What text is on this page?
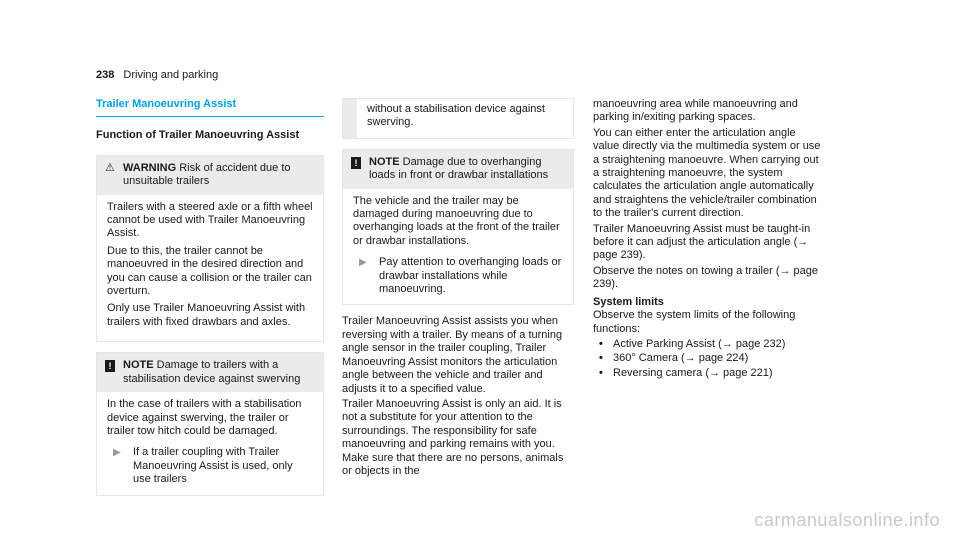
238 Driving and parking
Trailer Manoeuvring Assist
Function of Trailer Manoeuvring Assist
⚠ WARNING Risk of accident due to unsuitable trailers

Trailers with a steered axle or a fifth wheel cannot be used with Trailer Manoeuvring Assist.

Due to this, the trailer cannot be manoeuvred in the desired direction and you can cause a collision or the trailer can overturn.

Only use Trailer Manoeuvring Assist with trailers with fixed drawbars and axles.

!	NOTE Damage to trailers with a stabilisation device against swerving

In the case of trailers with a stabilisation device against swerving, the trailer or trailer tow hitch could be damaged.

▶	If a trailer coupling with Trailer Manoeuvring Assist is used, only use trailers
without a stabilisation device against swerving.
!	NOTE Damage due to overhanging loads in front or drawbar installations

The vehicle and the trailer may be damaged during manoeuvring due to overhanging loads at the front of the trailer or drawbar installations.

▶	Pay attention to overhanging loads or drawbar installations while manoeuvring.

Trailer Manoeuvring Assist assists you when reversing with a trailer. By means of a turning angle sensor in the trailer coupling, Trailer Manoeuvring Assist monitors the articulation angle between the vehicle and trailer and adjusts it to a specified value.

Trailer Manoeuvring Assist is only an aid. It is not a substitute for your attention to the surroundings. The responsibility for safe manoeuvring and parking remains with you. Make sure that there are no persons, animals or objects in the

manoeuvring area while manoeuvring and parking in/exiting parking spaces.

You can either enter the articulation angle value directly via the multimedia system or use a straightening manoeuvre. When carrying out a straightening manoeuvre, the system calculates the articulation angle automatically and straightens the vehicle/trailer combination to the trailer's current direction.

Trailer Manoeuvring Assist must be taught-in before it can adjust the articulation angle (→ page 239).

Observe the notes on towing a trailer (→ page 239).

System limits

Observe the system limits of the following functions:

• Active Parking Assist (→ page 232)
• 360° Camera (→ page 224)
• Reversing camera (→ page 221)
carmanualsonline.info
